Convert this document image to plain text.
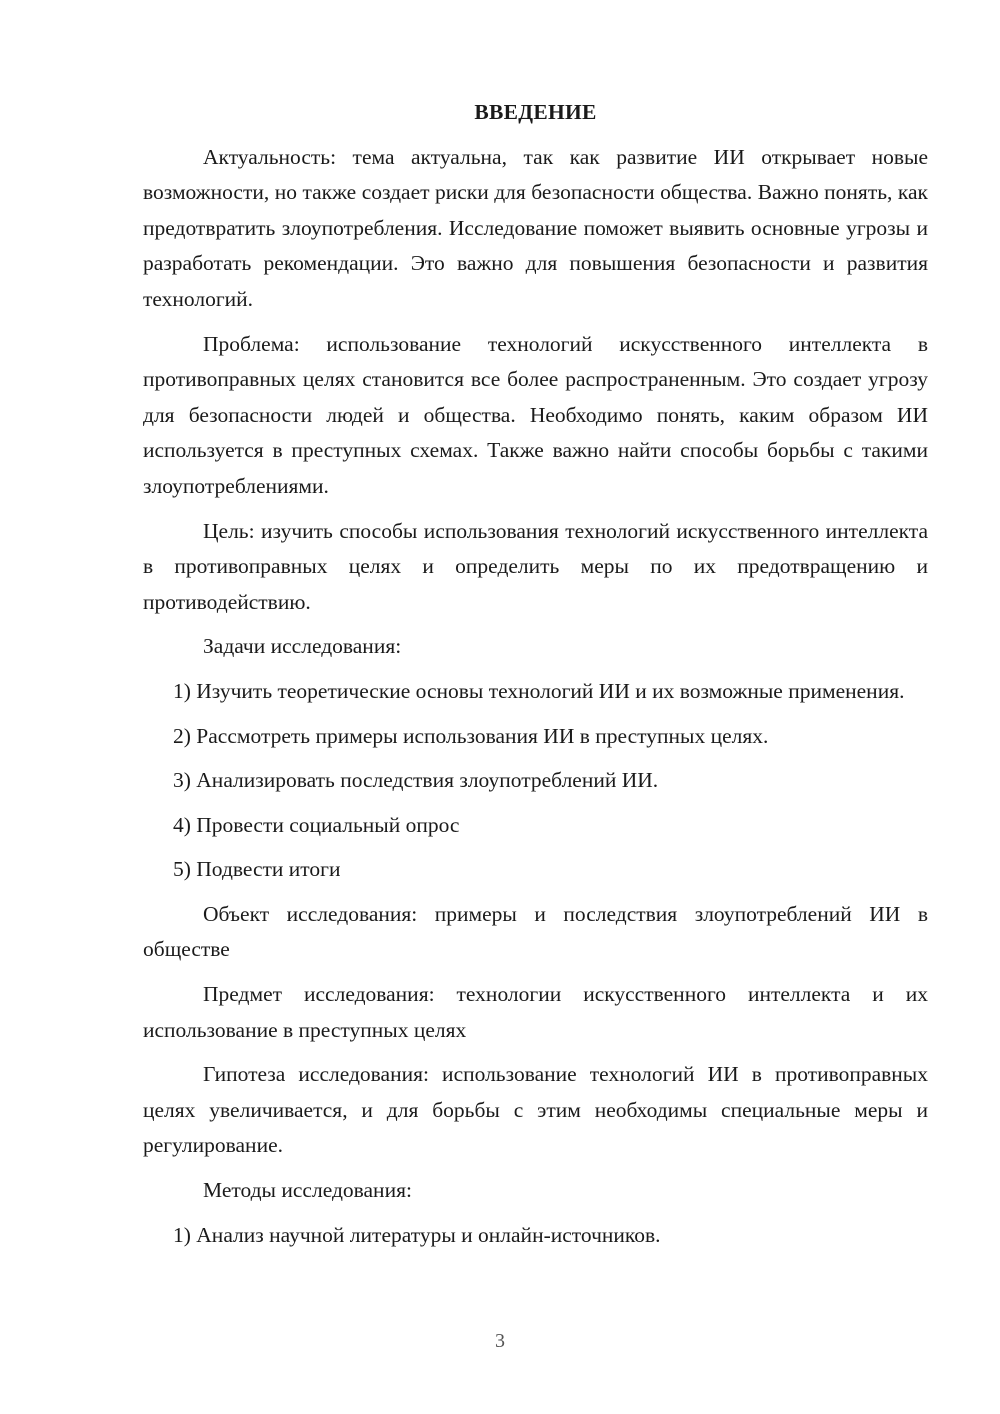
ВВЕДЕНИЕ

Актуальность: тема актуальна, так как развитие ИИ открывает новые возможности, но также создает риски для безопасности общества. Важно понять, как предотвратить злоупотребления. Исследование поможет выявить основные угрозы и разработать рекомендации. Это важно для повышения безопасности и развития технологий.

Проблема: использование технологий искусственного интеллекта в противоправных целях становится все более распространенным. Это создает угрозу для безопасности людей и общества. Необходимо понять, каким образом ИИ используется в преступных схемах. Также важно найти способы борьбы с такими злоупотреблениями.

Цель: изучить способы использования технологий искусственного интеллекта в противоправных целях и определить меры по их предотвращению и противодействию.

Задачи исследования:

1) Изучить теоретические основы технологий ИИ и их возможные применения.

2) Рассмотреть примеры использования ИИ в преступных целях.

3) Анализировать последствия злоупотреблений ИИ.

4) Провести социальный опрос

5) Подвести итоги

Объект исследования: примеры и последствия злоупотреблений ИИ в обществе

Предмет исследования: технологии искусственного интеллекта и их использование в преступных целях

Гипотеза исследования: использование технологий ИИ в противоправных целях увеличивается, и для борьбы с этим необходимы специальные меры и регулирование.

Методы исследования:

1) Анализ научной литературы и онлайн-источников.

3
